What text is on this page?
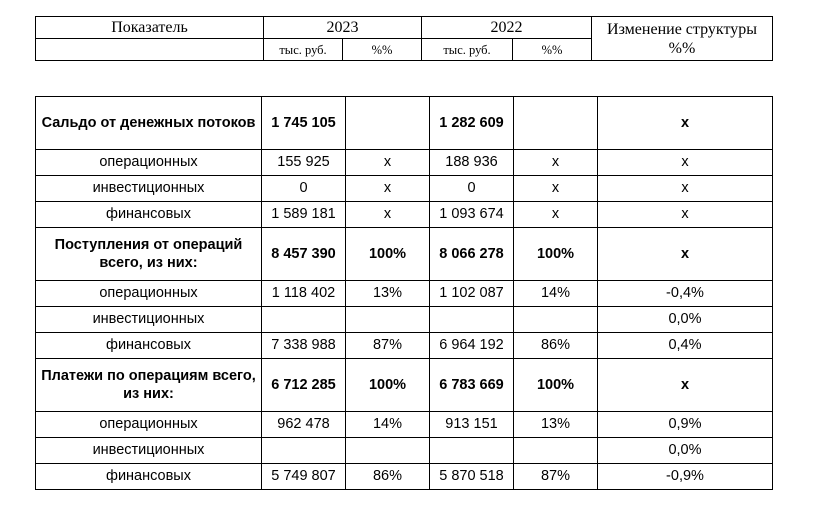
Показатель	2023		2022		Изменение структуры %%
	тыс. руб.	%%	тыс. руб.	%%	
Сальдо от денежных потоков	1 745 105		1 282 609		х
операционных	155 925	х	188 936	х	х
инвестиционных	0	х	0	х	х
финансовых	1 589 181	х	1 093 674	х	х
Поступления от операций всего, из них:	8 457 390	100%	8 066 278	100%	х
операционных	1 118 402	13%	1 102 087	14%	-0,4%
инвестиционных					0,0%
финансовых	7 338 988	87%	6 964 192	86%	0,4%
Платежи по операциям всего, из них:	6 712 285	100%	6 783 669	100%	х
операционных	962 478	14%	913 151	13%	0,9%
инвестиционных					0,0%
финансовых	5 749 807	86%	5 870 518	87%	-0,9%
